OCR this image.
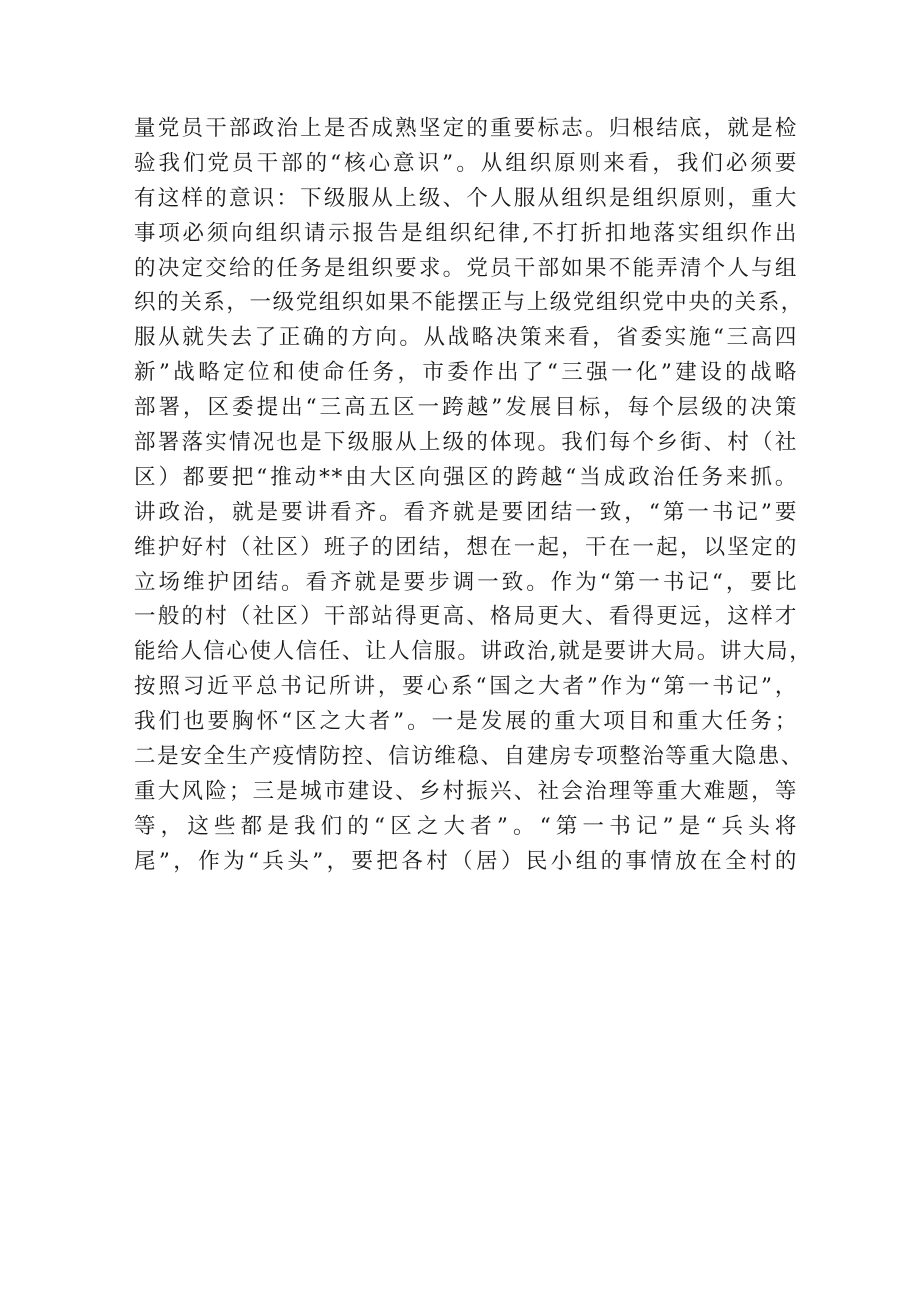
量党员干部政治上是否成熟坚定的重要标志。归根结底，就是检
验我们党员干部的“核心意识”。从组织原则来看，我们必须要
有这样的意识：下级服从上级、个人服从组织是组织原则，重大
事项必须向组织请示报告是组织纪律,不打折扣地落实组织作出
的决定交给的任务是组织要求。党员干部如果不能弄清个人与组
织的关系，一级党组织如果不能摆正与上级党组织党中央的关系，
服从就失去了正确的方向。从战略决策来看，省委实施“三高四
新”战略定位和使命任务，市委作出了“三强一化”建设的战略
部署，区委提出“三高五区一跨越”发展目标，每个层级的决策
部署落实情况也是下级服从上级的体现。我们每个乡街、村（社
区）都要把“推动**由大区向强区的跨越“当成政治任务来抓。
讲政治，就是要讲看齐。看齐就是要团结一致，“第一书记”要
维护好村（社区）班子的团结，想在一起，干在一起，以坚定的
立场维护团结。看齐就是要步调一致。作为“第一书记“，要比
一般的村（社区）干部站得更高、格局更大、看得更远，这样才
能给人信心使人信任、让人信服。讲政治,就是要讲大局。讲大局，
按照习近平总书记所讲，要心系“国之大者”作为“第一书记”，
我们也要胸怀“区之大者”。一是发展的重大项目和重大任务；
二是安全生产疫情防控、信访维稳、自建房专项整治等重大隐患、
重大风险；三是城市建设、乡村振兴、社会治理等重大难题，等
等，这些都是我们的“区之大者”。“第一书记”是“兵头将
尾”，作为“兵头”，要把各村（居）民小组的事情放在全村的
